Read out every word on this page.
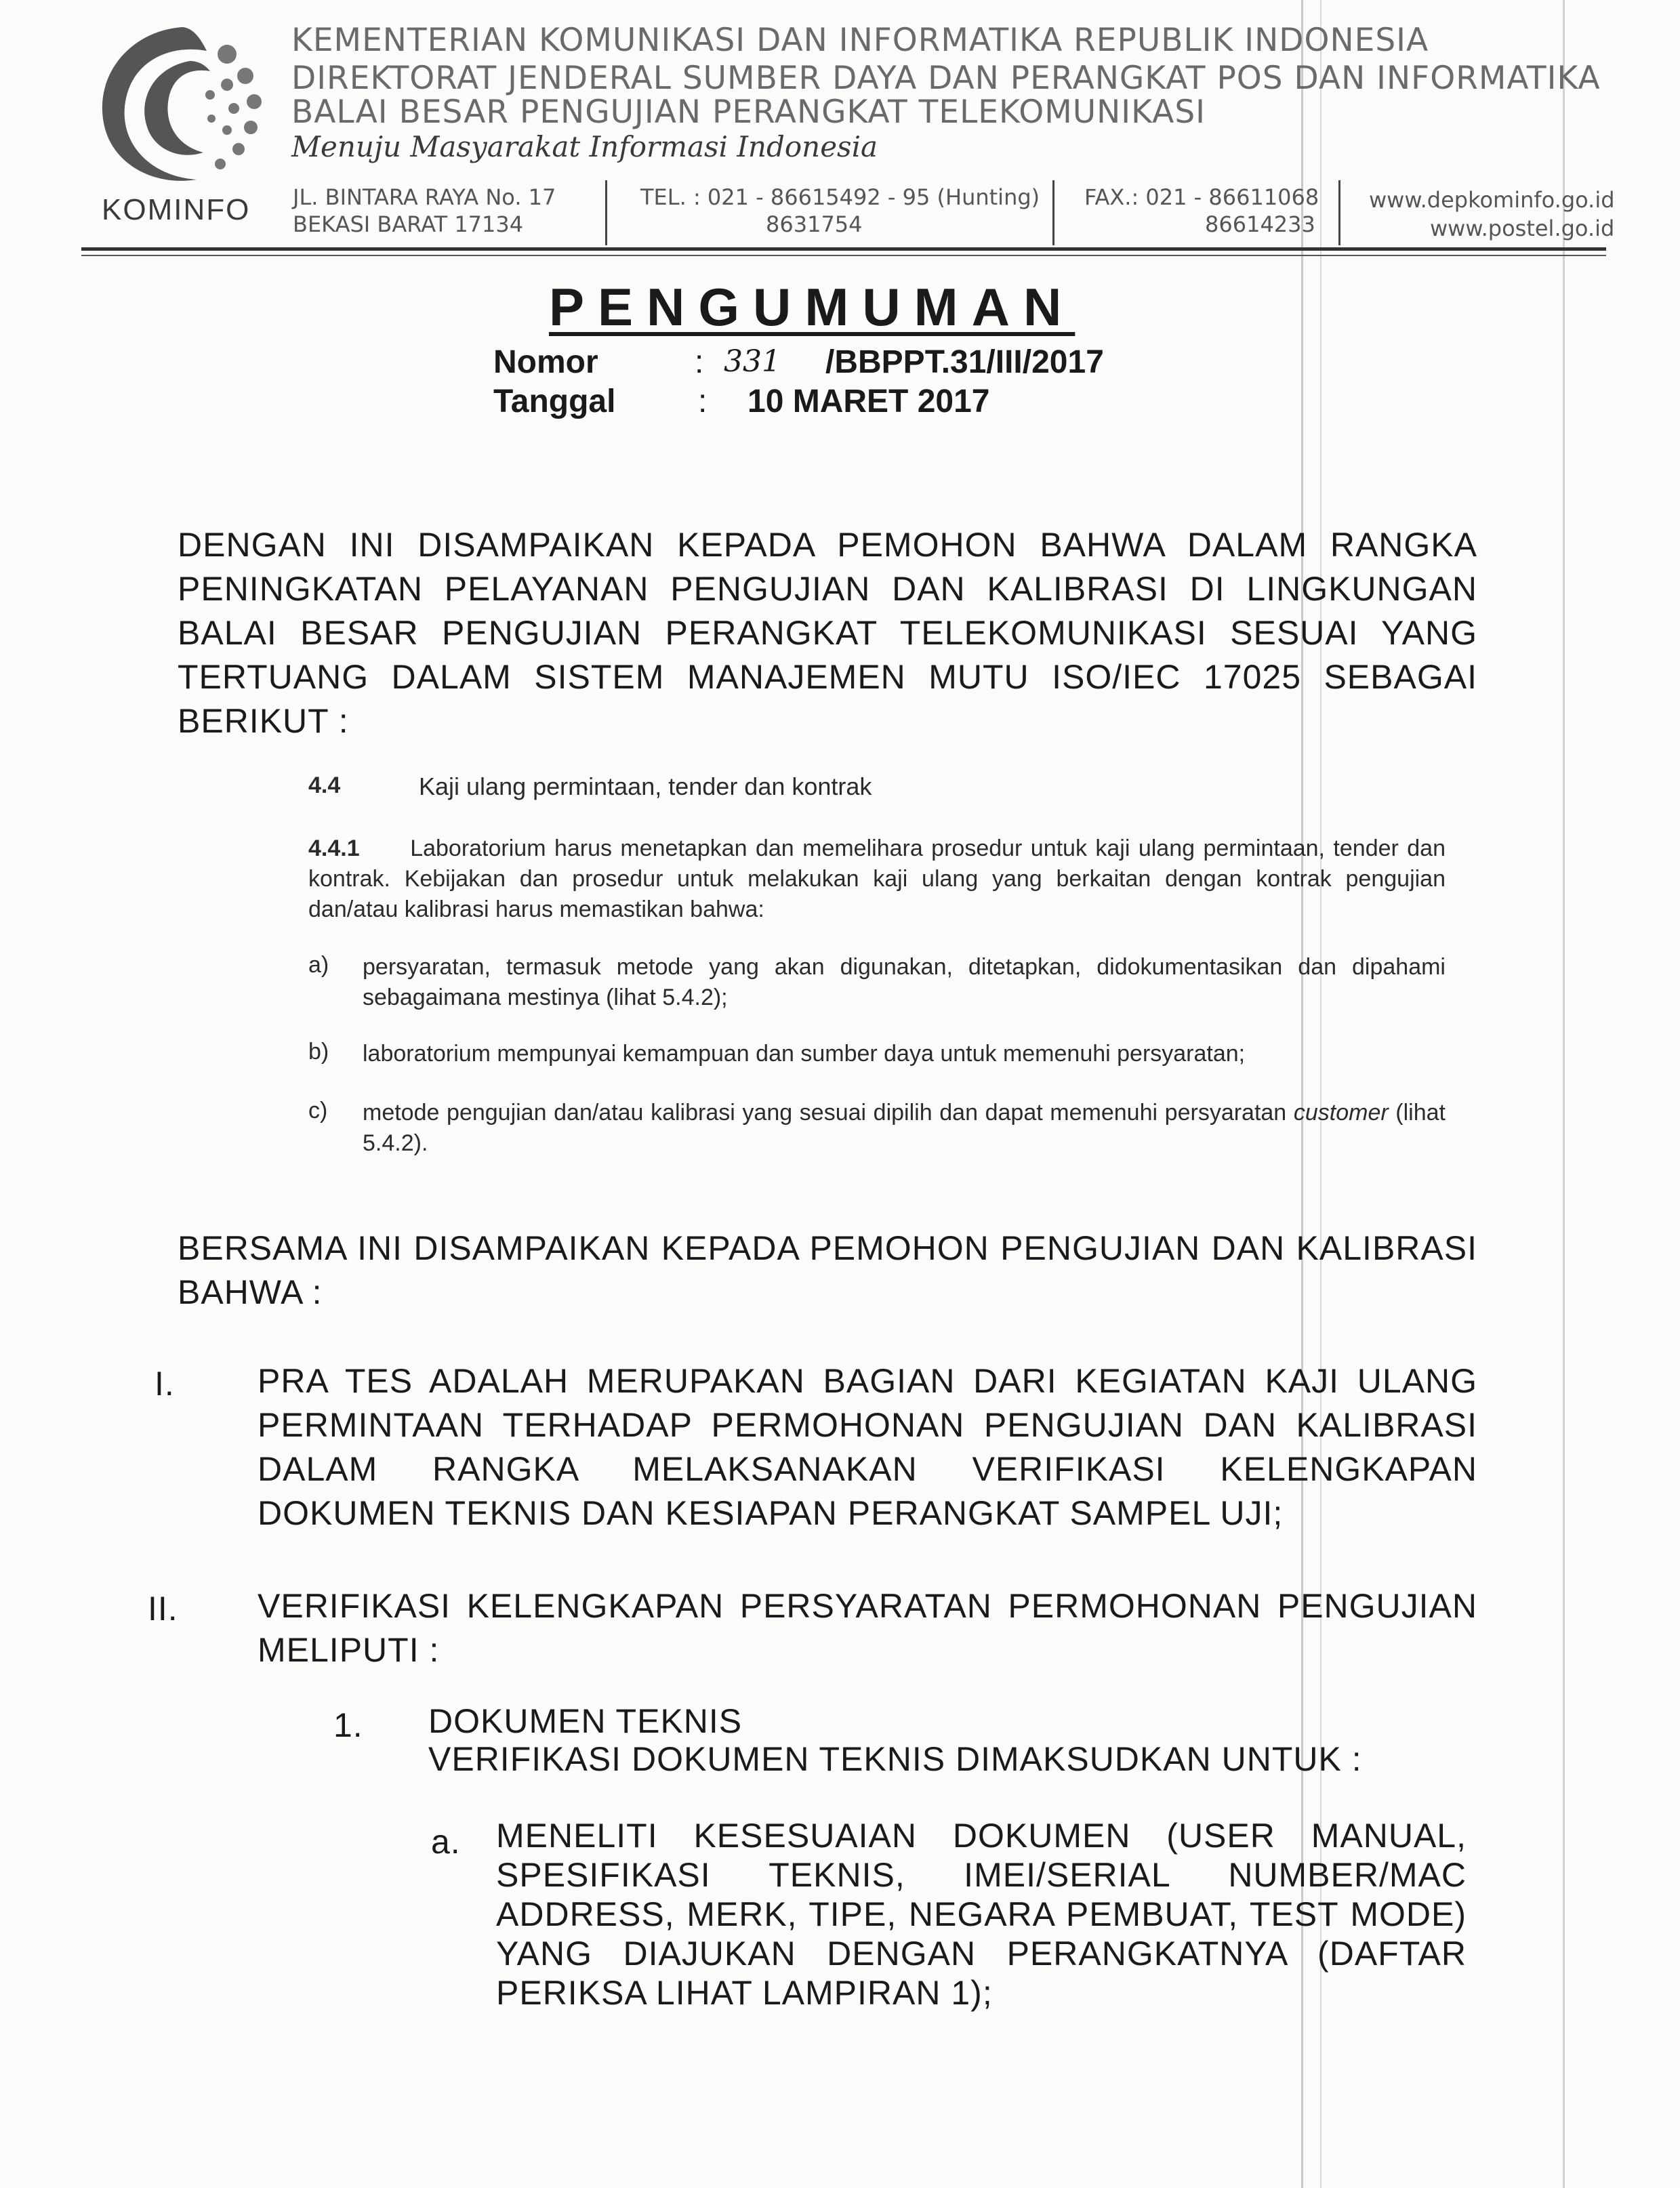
KOMINFO
KEMENTERIAN KOMUNIKASI DAN INFORMATIKA REPUBLIK INDONESIA
DIREKTORAT JENDERAL SUMBER DAYA DAN PERANGKAT POS DAN INFORMATIKA
BALAI BESAR PENGUJIAN PERANGKAT TELEKOMUNIKASI
Menuju Masyarakat Informasi Indonesia
JL. BINTARA RAYA No. 17
BEKASI BARAT 17134
TEL. : 021 - 86615492 - 95 (Hunting)
8631754
FAX.: 021 - 86611068
86614233
www.depkominfo.go.id
www.postel.go.id
PENGUMUMAN
Nomor	: 331 /BBPPT.31/III/2017
Tanggal	: 10 MARET 2017
DENGAN INI DISAMPAIKAN KEPADA PEMOHON BAHWA DALAM RANGKA PENINGKATAN PELAYANAN PENGUJIAN DAN KALIBRASI DI LINGKUNGAN BALAI BESAR PENGUJIAN PERANGKAT TELEKOMUNIKASI SESUAI YANG TERTUANG DALAM SISTEM MANAJEMEN MUTU ISO/IEC 17025 SEBAGAI BERIKUT :
4.4	Kaji ulang permintaan, tender dan kontrak
4.4.1 Laboratorium harus menetapkan dan memelihara prosedur untuk kaji ulang permintaan, tender dan kontrak. Kebijakan dan prosedur untuk melakukan kaji ulang yang berkaitan dengan kontrak pengujian dan/atau kalibrasi harus memastikan bahwa:
a) persyaratan, termasuk metode yang akan digunakan, ditetapkan, didokumentasikan dan dipahami sebagaimana mestinya (lihat 5.4.2);
b) laboratorium mempunyai kemampuan dan sumber daya untuk memenuhi persyaratan;
c) metode pengujian dan/atau kalibrasi yang sesuai dipilih dan dapat memenuhi persyaratan customer (lihat 5.4.2).
BERSAMA INI DISAMPAIKAN KEPADA PEMOHON PENGUJIAN DAN KALIBRASI BAHWA :
I. PRA TES ADALAH MERUPAKAN BAGIAN DARI KEGIATAN KAJI ULANG PERMINTAAN TERHADAP PERMOHONAN PENGUJIAN DAN KALIBRASI DALAM RANGKA MELAKSANAKAN VERIFIKASI KELENGKAPAN DOKUMEN TEKNIS DAN KESIAPAN PERANGKAT SAMPEL UJI;
II. VERIFIKASI KELENGKAPAN PERSYARATAN PERMOHONAN PENGUJIAN MELIPUTI :
1. DOKUMEN TEKNIS
VERIFIKASI DOKUMEN TEKNIS DIMAKSUDKAN UNTUK :
a. MENELITI KESESUAIAN DOKUMEN (USER MANUAL, SPESIFIKASI TEKNIS, IMEI/SERIAL NUMBER/MAC ADDRESS, MERK, TIPE, NEGARA PEMBUAT, TEST MODE) YANG DIAJUKAN DENGAN PERANGKATNYA (DAFTAR PERIKSA LIHAT LAMPIRAN 1);
